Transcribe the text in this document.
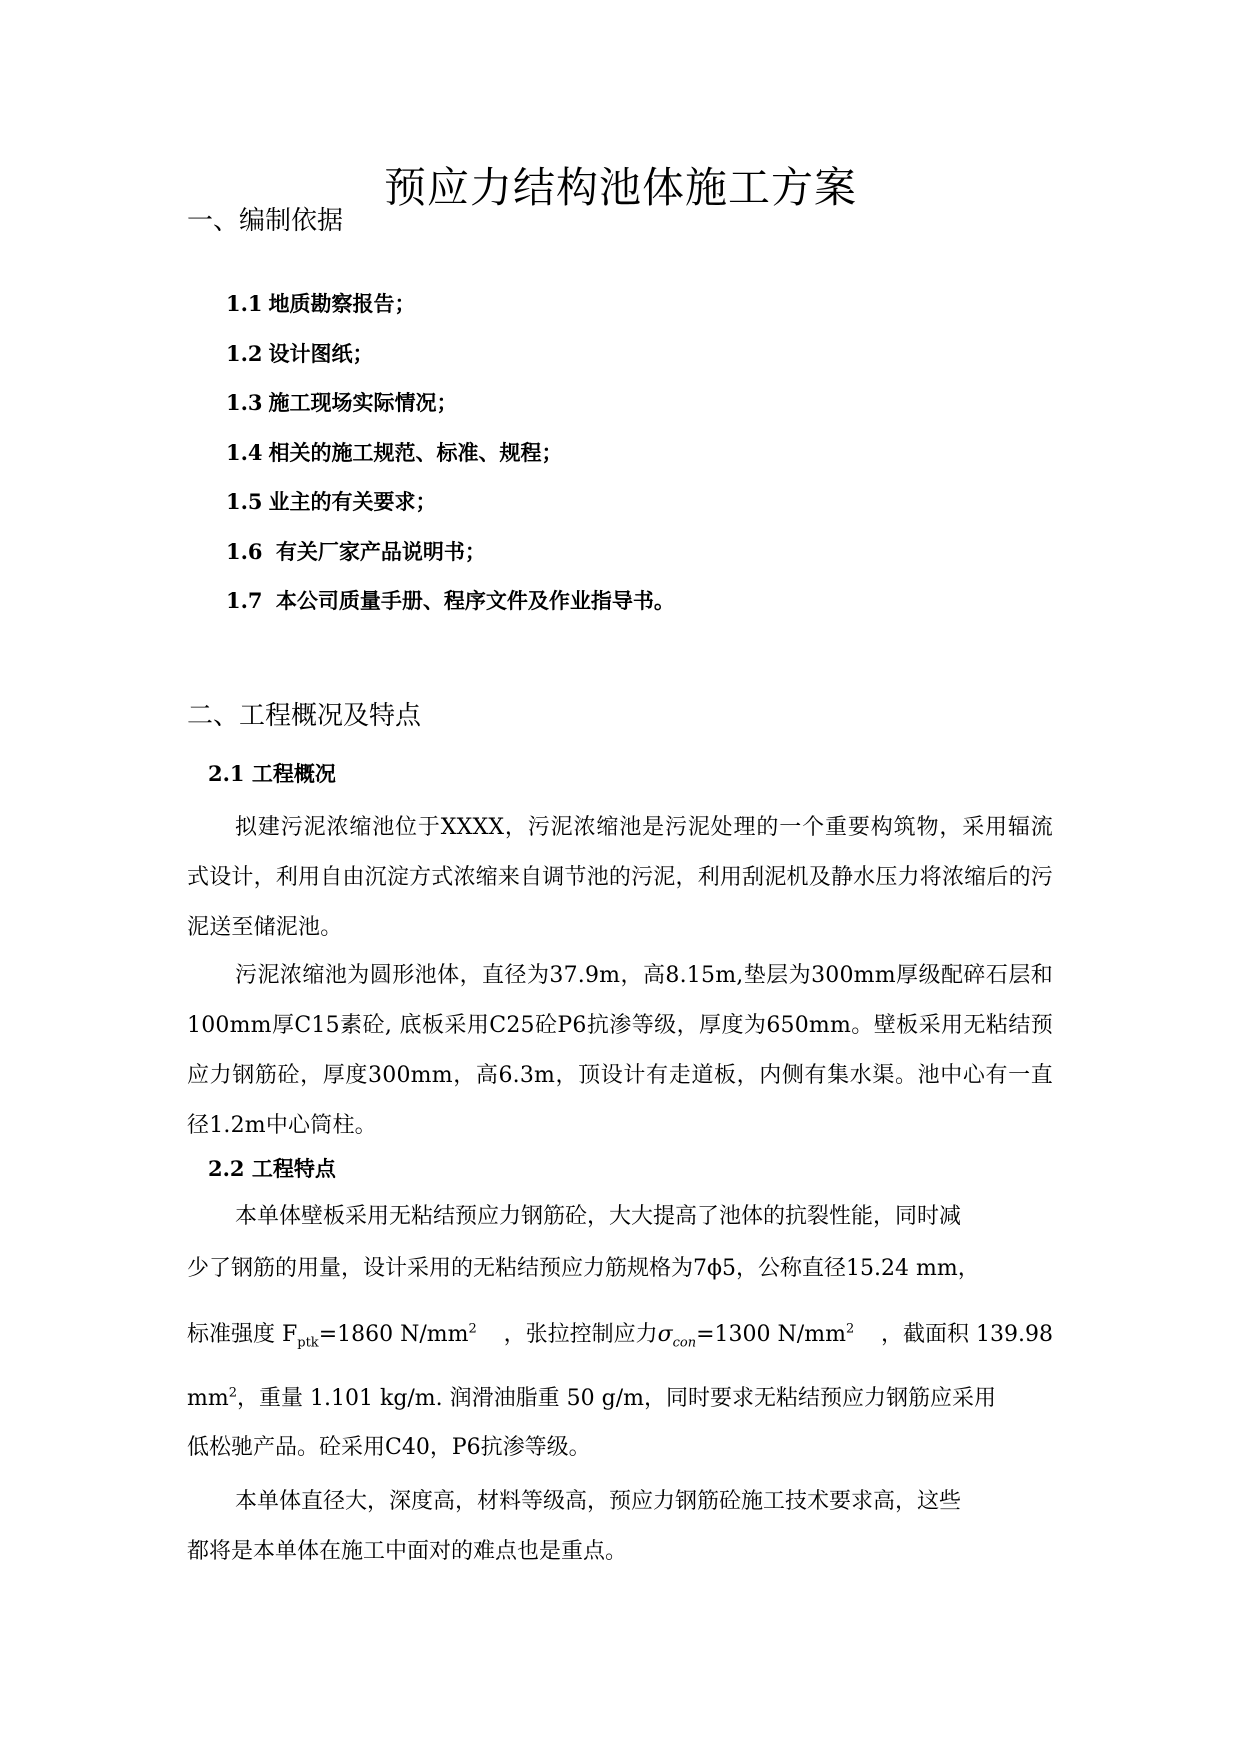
预应力结构池体施工方案
一、编制依据
1.1 地质勘察报告；
1.2 设计图纸；
1.3 施工现场实际情况；
1.4 相关的施工规范、标准、规程；
1.5 业主的有关要求；
1.6 有关厂家产品说明书；
1.7 本公司质量手册、程序文件及作业指导书。
二、工程概况及特点
2.1 工程概况

拟建污泥浓缩池位于XXXX，污泥浓缩池是污泥处理的一个重要构筑物，采用辐流式设计，利用自由沉淀方式浓缩来自调节池的污泥，利用刮泥机及静水压力将浓缩后的污泥送至储泥池。

污泥浓缩池为圆形池体，直径为37.9m，高8.15m,垫层为300mm厚级配碎石层和100mm厚C15素砼, 底板采用C25砼P6抗渗等级，厚度为650mm。壁板采用无粘结预应力钢筋砼，厚度300mm，高6.3m，顶设计有走道板，内侧有集水渠。池中心有一直径1.2m中心筒柱。

2.2 工程特点
本单体壁板采用无粘结预应力钢筋砼，大大提高了池体的抗裂性能，同时减
少了钢筋的用量，设计采用的无粘结预应力筋规格为7ϕ5，公称直径15.24 mm，
标准强度 $F_{ptk}=1860$ $N/mm^2$ ，张拉控制应力$\sigma_{con}=1300$ $N/mm^2$ ，截面积 139.98
$mm^2$，重量 1.101 kg/m. 润滑油脂重 50 g/m，同时要求无粘结预应力钢筋应采用
低松驰产品。砼采用C40，P6抗渗等级。
本单体直径大，深度高，材料等级高，预应力钢筋砼施工技术要求高，这些
都将是本单体在施工中面对的难点也是重点。
